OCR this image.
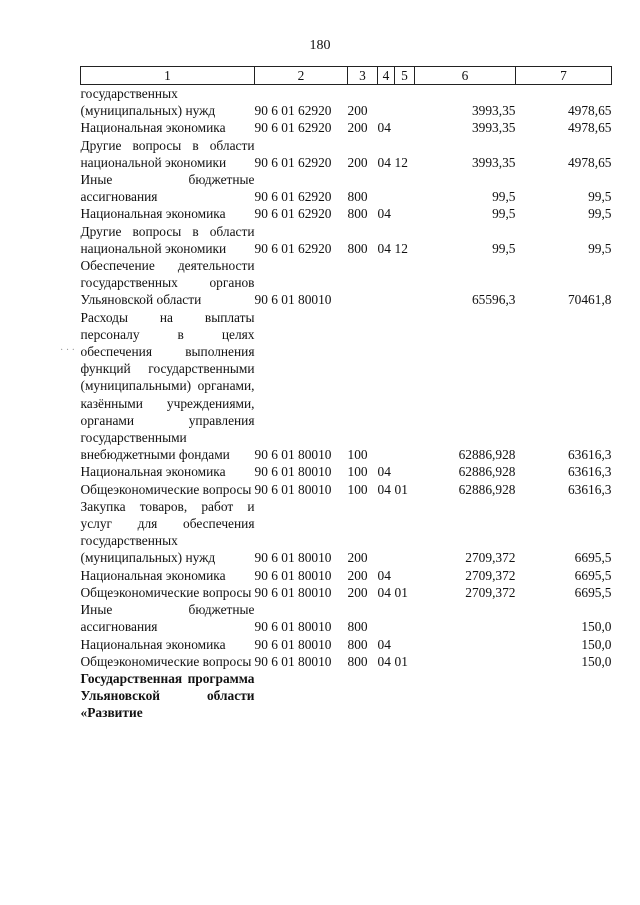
180
1	2	3	4	5	6	7
государственных (муниципальных) нужд	90 6 01 62920	200			3993,35	4978,65
Национальная экономика	90 6 01 62920	200	04		3993,35	4978,65
Другие вопросы в области национальной экономики	90 6 01 62920	200	04	12	3993,35	4978,65
Иные бюджетные ассигнования	90 6 01 62920	800			99,5	99,5
Национальная экономика	90 6 01 62920	800	04		99,5	99,5
Другие вопросы в области национальной экономики	90 6 01 62920	800	04	12	99,5	99,5
Обеспечение деятельности государственных органов Ульяновской области	90 6 01 80010				65596,3	70461,8
Расходы на выплаты персоналу в целях обеспечения выполнения функций государственными (муниципальными) органами, казёнными учреждениями, органами управления государственными внебюджетными фондами	90 6 01 80010	100			62886,928	63616,3
Национальная экономика	90 6 01 80010	100	04		62886,928	63616,3
Общеэкономические вопросы	90 6 01 80010	100	04	01	62886,928	63616,3
Закупка товаров, работ и услуг для обеспечения государственных (муниципальных) нужд	90 6 01 80010	200			2709,372	6695,5
Национальная экономика	90 6 01 80010	200	04		2709,372	6695,5
Общеэкономические вопросы	90 6 01 80010	200	04	01	2709,372	6695,5
Иные бюджетные ассигнования	90 6 01 80010	800				150,0
Национальная экономика	90 6 01 80010	800	04			150,0
Общеэкономические вопросы	90 6 01 80010	800	04	01		150,0
Государственная программа Ульяновской области «Развитие						
· · ·
